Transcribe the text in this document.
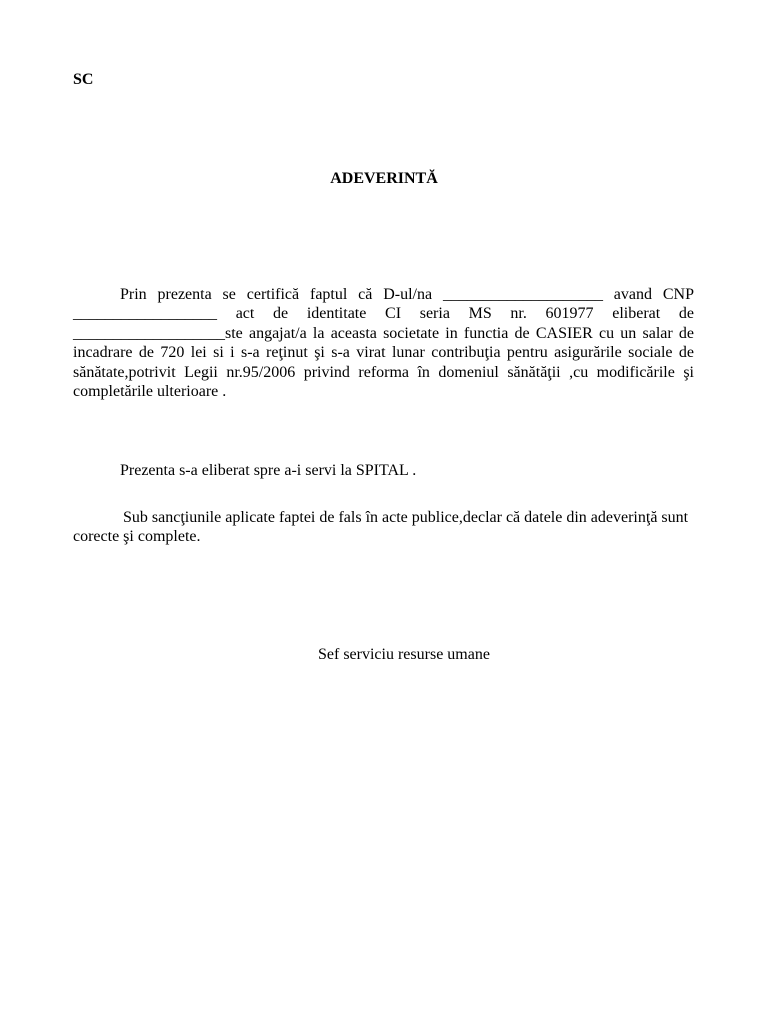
SC
ADEVERINTĂ
Prin prezenta se certifică faptul că D-ul/na ____________________ avand CNP __________________ act de identitate CI seria MS nr. 601977 eliberat de ___________________ste angajat/a la aceasta societate in functia de CASIER cu un salar de incadrare de 720 lei si i s-a reţinut şi s-a virat lunar contribuţia pentru asigurările sociale de sănătate,potrivit Legii nr.95/2006 privind reforma în domeniul sănătăţii ,cu modificările şi completările ulterioare .
Prezenta s-a eliberat spre a-i servi la SPITAL .
Sub sancţiunile aplicate faptei de fals în acte publice,declar că datele din adeverinţă sunt corecte şi complete.
Sef serviciu resurse umane
